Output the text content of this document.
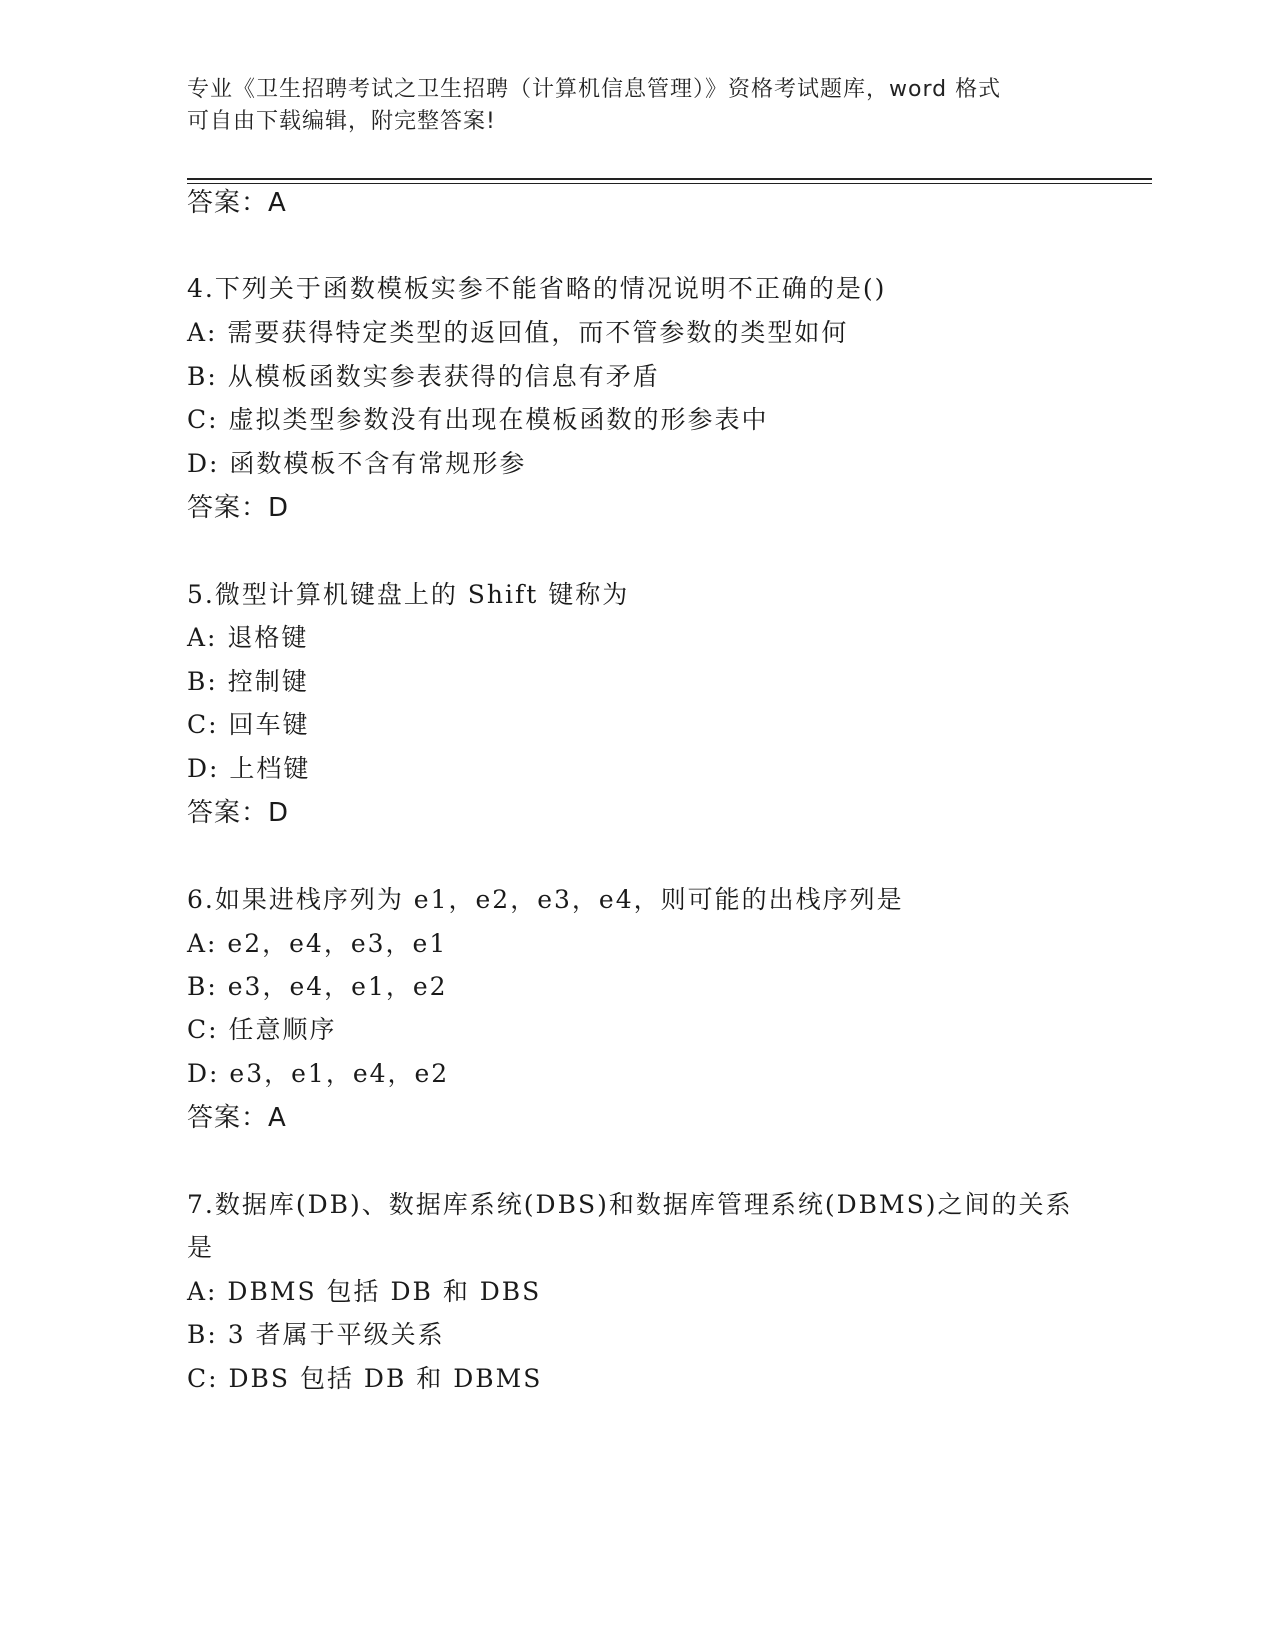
专业《卫生招聘考试之卫生招聘（计算机信息管理）》资格考试题库，word 格式
可自由下载编辑，附完整答案!
答案：A
4.下列关于函数模板实参不能省略的情况说明不正确的是()
A: 需要获得特定类型的返回值，而不管参数的类型如何
B: 从模板函数实参表获得的信息有矛盾
C: 虚拟类型参数没有出现在模板函数的形参表中
D: 函数模板不含有常规形参
答案：D
5.微型计算机键盘上的 Shift 键称为
A: 退格键
B: 控制键
C: 回车键
D: 上档键
答案：D
6.如果进栈序列为 e1，e2，e3，e4，则可能的出栈序列是
A: e2，e4，e3，e1
B: e3，e4，e1，e2
C: 任意顺序
D: e3，e1，e4，e2
答案：A
7.数据库(DB)、数据库系统(DBS)和数据库管理系统(DBMS)之间的关系
是
A: DBMS 包括 DB 和 DBS
B: 3 者属于平级关系
C: DBS 包括 DB 和 DBMS
